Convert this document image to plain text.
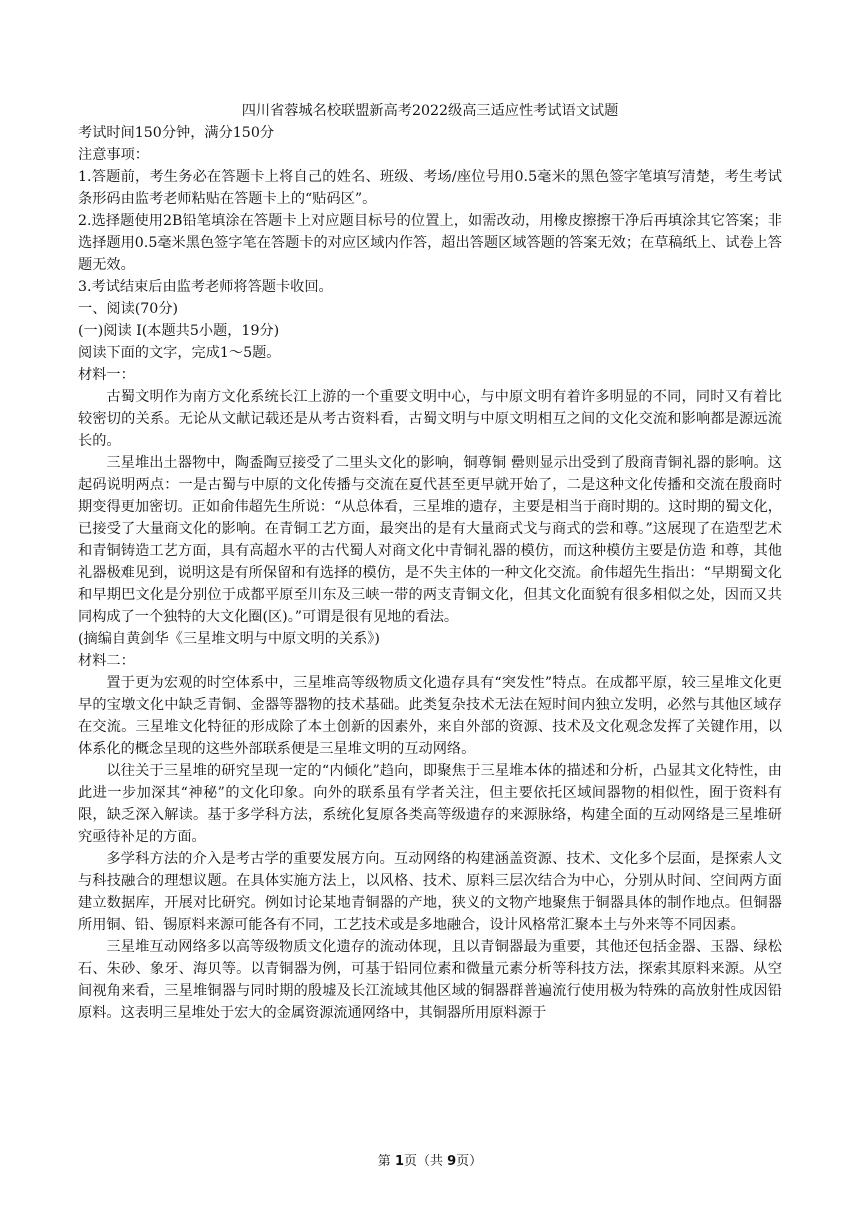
四川省蓉城名校联盟新高考2022级高三适应性考试语文试题

考试时间150分钟，满分150分

注意事项：

1.答题前，考生务必在答题卡上将自己的姓名、班级、考场/座位号用0.5毫米的黑色签字笔填写清楚，考生考试条形码由监考老师粘贴在答题卡上的“贴码区”。

2.选择题使用2B铅笔填涂在答题卡上对应题目标号的位置上，如需改动，用橡皮擦擦干净后再填涂其它答案；非选择题用0.5毫米黑色签字笔在答题卡的对应区域内作答，超出答题区域答题的答案无效；在草稿纸上、试卷上答题无效。

3.考试结束后由监考老师将答题卡收回。

一、阅读(70分)

(一)阅读 I(本题共5小题，19分)

阅读下面的文字，完成1～5题。

材料一：

古蜀文明作为南方文化系统长江上游的一个重要文明中心，与中原文明有着许多明显的不同，同时又有着比较密切的关系。无论从文献记载还是从考古资料看，古蜀文明与中原文明相互之间的文化交流和影响都是源远流长的。

三星堆出土器物中，陶盉陶豆接受了二里头文化的影响，铜尊铜 罍则显示出受到了殷商青铜礼器的影响。这起码说明两点：一是古蜀与中原的文化传播与交流在夏代甚至更早就开始了，二是这种文化传播和交流在殷商时期变得更加密切。正如俞伟超先生所说：“从总体看，三星堆的遗存，主要是相当于商时期的。这时期的蜀文化，已接受了大量商文化的影响。在青铜工艺方面，最突出的是有大量商式戈与商式的尝和尊。”这展现了在造型艺术和青铜铸造工艺方面，具有高超水平的古代蜀人对商文化中青铜礼器的模仿，而这种模仿主要是仿造 和尊，其他礼器极难见到，说明这是有所保留和有选择的模仿，是不失主体的一种文化交流。俞伟超先生指出：“早期蜀文化和早期巴文化是分别位于成都平原至川东及三峡一带的两支青铜文化，但其文化面貌有很多相似之处，因而又共同构成了一个独特的大文化圈(区)。”可谓是很有见地的看法。

(摘编自黄剑华《三星堆文明与中原文明的关系》)

材料二：

置于更为宏观的时空体系中，三星堆高等级物质文化遗存具有“突发性”特点。在成都平原，较三星堆文化更早的宝墩文化中缺乏青铜、金器等器物的技术基础。此类复杂技术无法在短时间内独立发明，必然与其他区域存在交流。三星堆文化特征的形成除了本土创新的因素外，来自外部的资源、技术及文化观念发挥了关键作用，以体系化的概念呈现的这些外部联系便是三星堆文明的互动网络。

以往关于三星堆的研究呈现一定的“内倾化”趋向，即聚焦于三星堆本体的描述和分析，凸显其文化特性，由此进一步加深其“神秘”的文化印象。向外的联系虽有学者关注，但主要依托区域间器物的相似性，囿于资料有限，缺乏深入解读。基于多学科方法，系统化复原各类高等级遗存的来源脉络，构建全面的互动网络是三星堆研究亟待补足的方面。

多学科方法的介入是考古学的重要发展方向。互动网络的构建涵盖资源、技术、文化多个层面，是探索人文与科技融合的理想议题。在具体实施方法上，以风格、技术、原料三层次结合为中心，分别从时间、空间两方面建立数据库，开展对比研究。例如讨论某地青铜器的产地，狭义的文物产地聚焦于铜器具体的制作地点。但铜器所用铜、铅、锡原料来源可能各有不同，工艺技术或是多地融合，设计风格常汇聚本土与外来等不同因素。

三星堆互动网络多以高等级物质文化遗存的流动体现，且以青铜器最为重要，其他还包括金器、玉器、绿松石、朱砂、象牙、海贝等。以青铜器为例，可基于铅同位素和微量元素分析等科技方法，探索其原料来源。从空间视角来看，三星堆铜器与同时期的殷墟及长江流域其他区域的铜器群普遍流行使用极为特殊的高放射性成因铅原料。这表明三星堆处于宏大的金属资源流通网络中，其铜器所用原料源于

第 1页（共 9页）
